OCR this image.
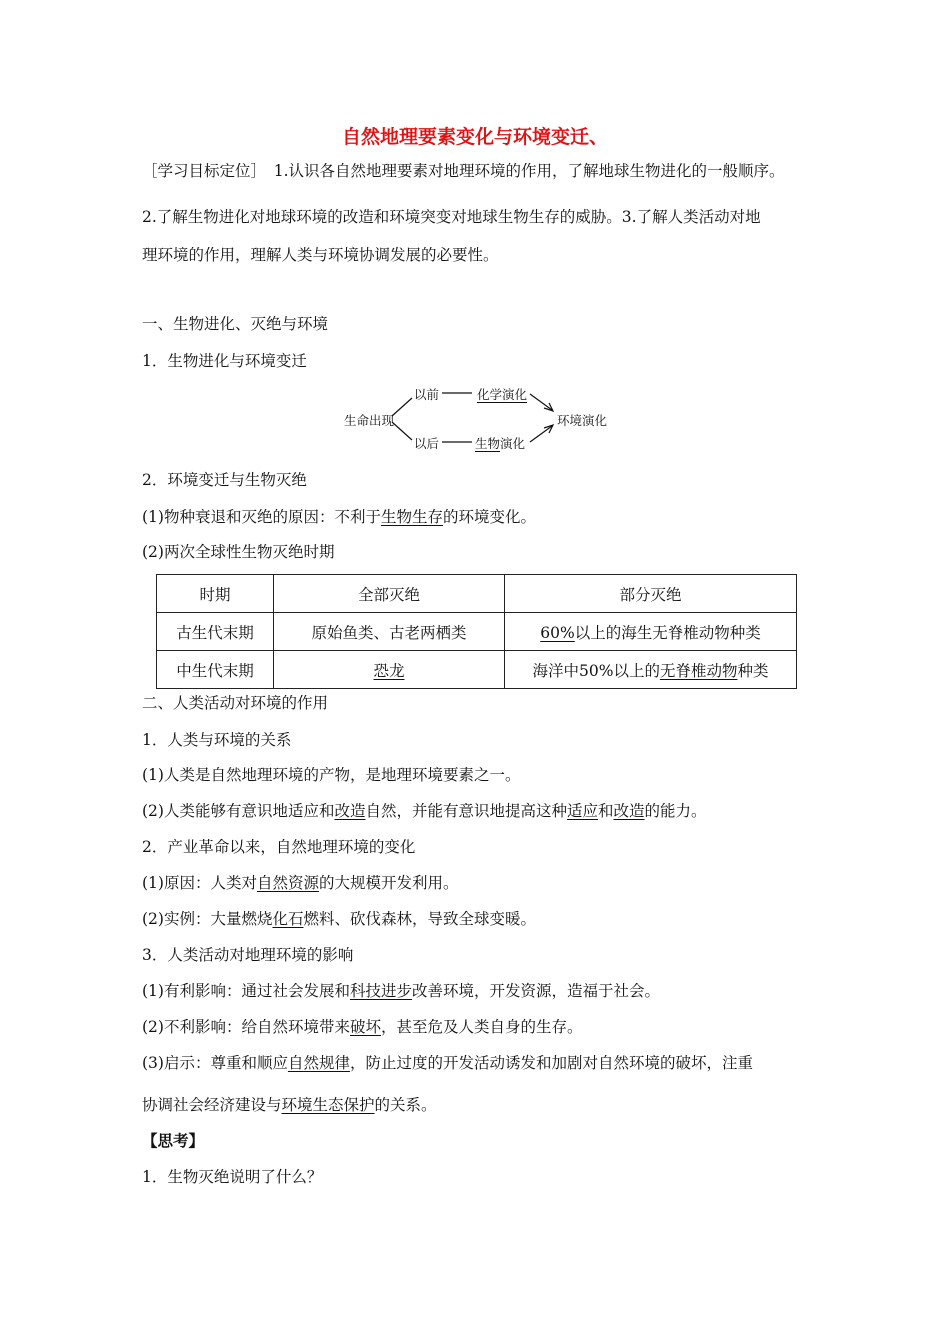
自然地理要素变化与环境变迁、
［学习目标定位］　1.认识各自然地理要素对地理环境的作用，了解地球生物进化的一般顺序。
2.了解生物进化对地球环境的改造和环境突变对地球生物生存的威胁。3.了解人类活动对地
理环境的作用，理解人类与环境协调发展的必要性。
一、生物进化、灭绝与环境
1．生物进化与环境变迁
生命出现
以前
以后
化学演化
生物演化
环境演化
2．环境变迁与生物灭绝
(1)物种衰退和灭绝的原因：不利于生物生存的环境变化。
(2)两次全球性生物灭绝时期
时期	全部灭绝	部分灭绝
古生代末期	原始鱼类、古老两栖类	60%以上的海生无脊椎动物种类
中生代末期	恐龙	海洋中50%以上的无脊椎动物种类
二、人类活动对环境的作用
1．人类与环境的关系
(1)人类是自然地理环境的产物，是地理环境要素之一。
(2)人类能够有意识地适应和改造自然，并能有意识地提高这种适应和改造的能力。
2．产业革命以来，自然地理环境的变化
(1)原因：人类对自然资源的大规模开发利用。
(2)实例：大量燃烧化石燃料、砍伐森林，导致全球变暖。
3．人类活动对地理环境的影响
(1)有利影响：通过社会发展和科技进步改善环境，开发资源，造福于社会。
(2)不利影响：给自然环境带来破坏，甚至危及人类自身的生存。
(3)启示：尊重和顺应自然规律，防止过度的开发活动诱发和加剧对自然环境的破坏，注重
协调社会经济建设与环境生态保护的关系。
【思考】
1．生物灭绝说明了什么？
